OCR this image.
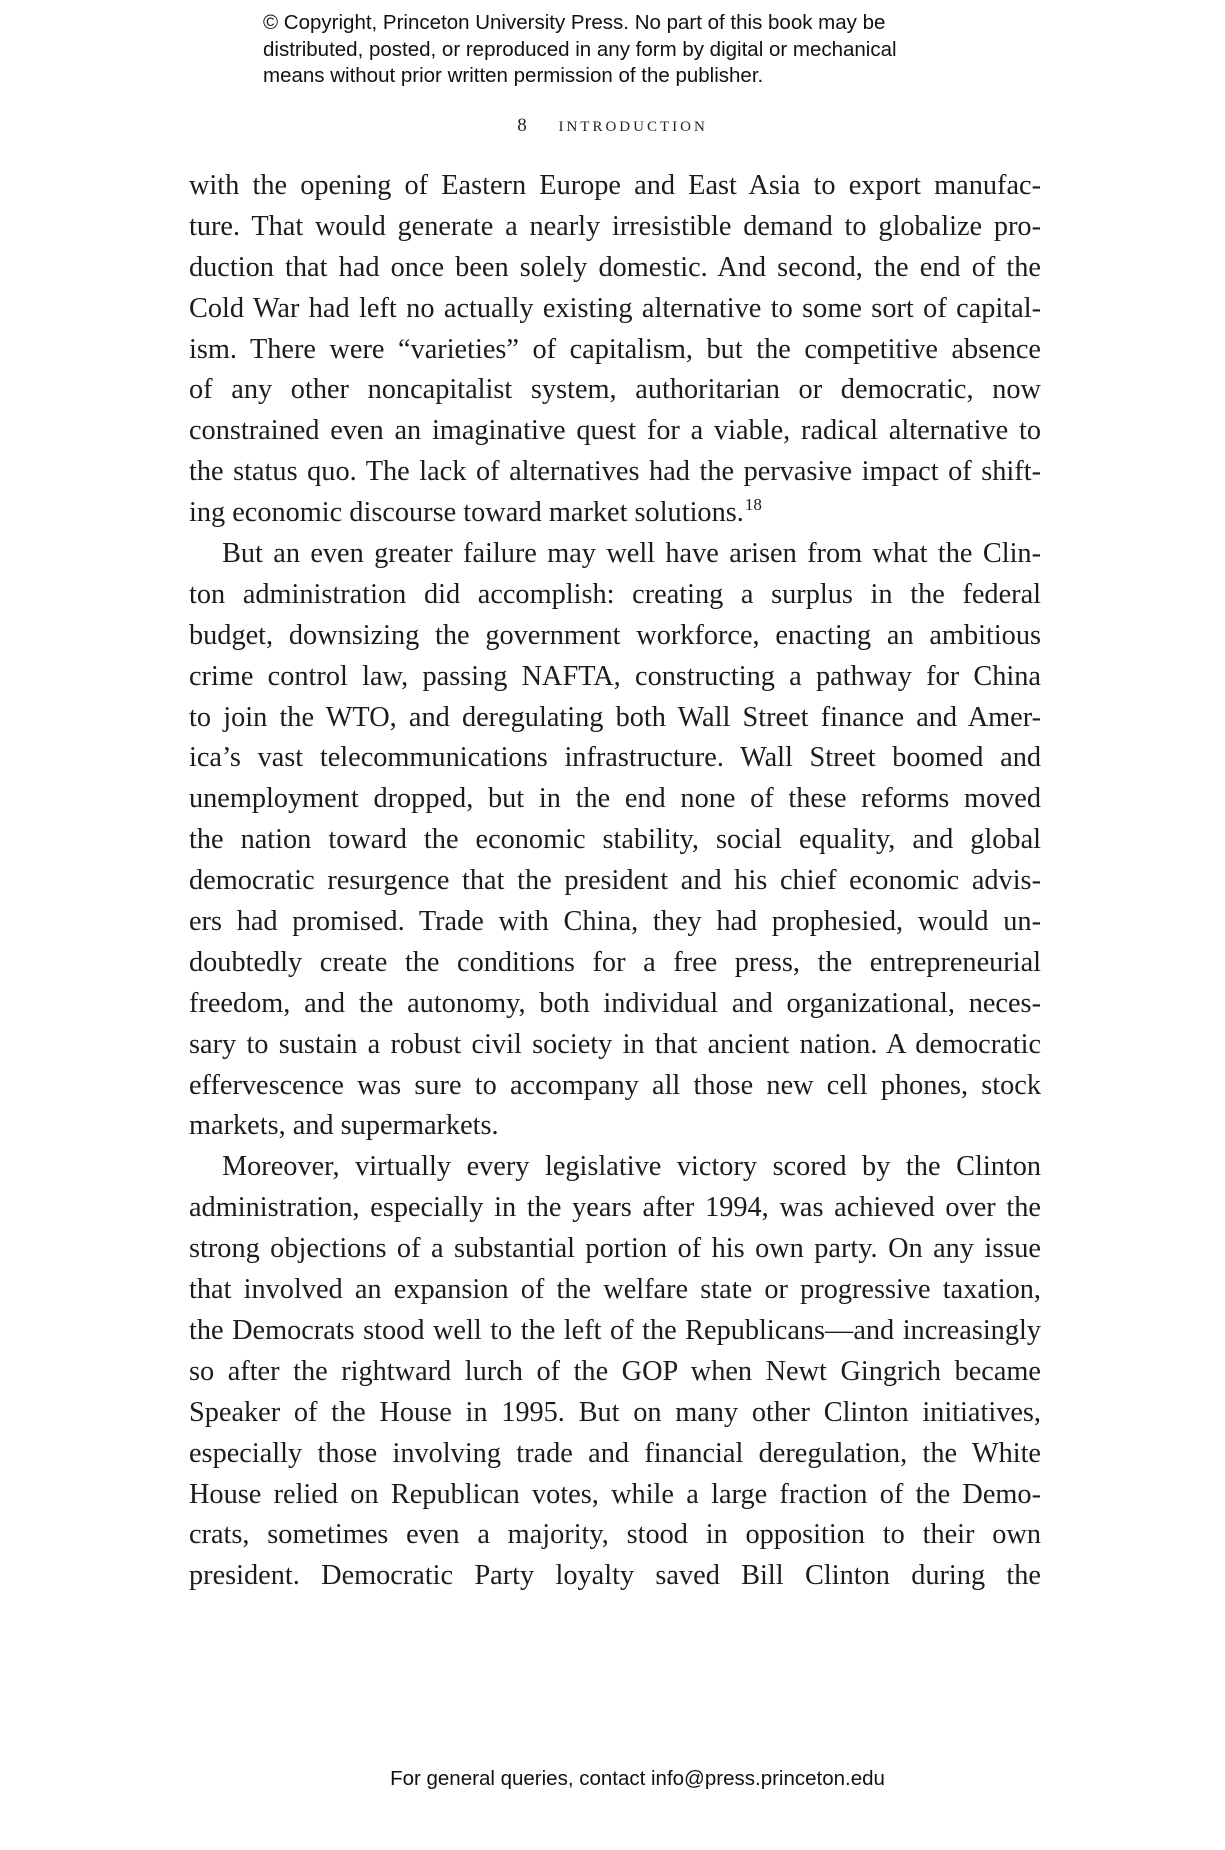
© Copyright, Princeton University Press. No part of this book may be
distributed, posted, or reproduced in any form by digital or mechanical
means without prior written permission of the publisher.
8 introduction
with the opening of Eastern Europe and East Asia to export manufac-
ture. That would generate a nearly irresistible demand to globalize pro-
duction that had once been solely domestic. And second, the end of the
Cold War had left no actually existing alternative to some sort of capital-
ism. There were “varieties” of capitalism, but the competitive absence
of any other noncapitalist system, authoritarian or democratic, now
constrained even an imaginative quest for a viable, radical alternative to
the status quo. The lack of alternatives had the pervasive impact of shift-
ing economic discourse toward market solutions.$^{18}$
But an even greater failure may well have arisen from what the Clin-
ton administration did accomplish: creating a surplus in the federal
budget, downsizing the government workforce, enacting an ambitious
crime control law, passing NAFTA, constructing a pathway for China
to join the WTO, and deregulating both Wall Street finance and Amer-
ica’s vast telecommunications infrastructure. Wall Street boomed and
unemployment dropped, but in the end none of these reforms moved
the nation toward the economic stability, social equality, and global
democratic resurgence that the president and his chief economic advis-
ers had promised. Trade with China, they had prophesied, would un-
doubtedly create the conditions for a free press, the entrepreneurial
freedom, and the autonomy, both individual and organizational, neces-
sary to sustain a robust civil society in that ancient nation. A democratic
effervescence was sure to accompany all those new cell phones, stock
markets, and supermarkets.
Moreover, virtually every legislative victory scored by the Clinton
administration, especially in the years after 1994, was achieved over the
strong objections of a substantial portion of his own party. On any issue
that involved an expansion of the welfare state or progressive taxation,
the Democrats stood well to the left of the Republicans—and increasingly
so after the rightward lurch of the GOP when Newt Gingrich became
Speaker of the House in 1995. But on many other Clinton initiatives,
especially those involving trade and financial deregulation, the White
House relied on Republican votes, while a large fraction of the Demo-
crats, sometimes even a majority, stood in opposition to their own
president. Democratic Party loyalty saved Bill Clinton during the
For general queries, contact info@press.princeton.edu
